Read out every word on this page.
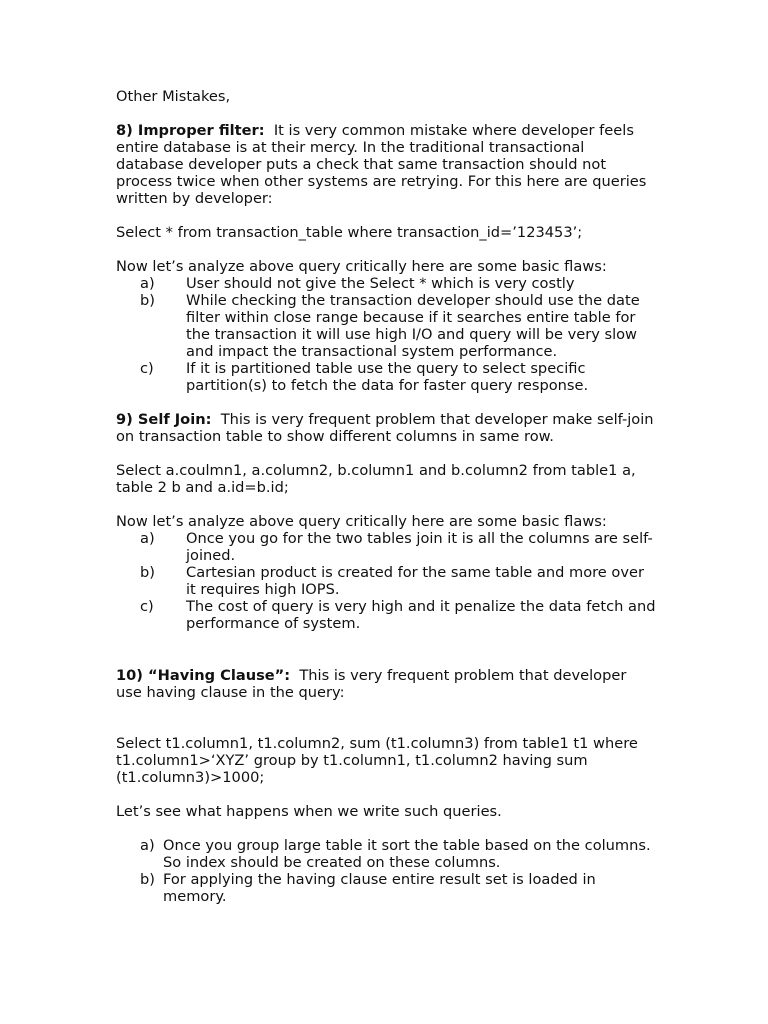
Other Mistakes,

8) Improper filter: It is very common mistake where developer feels entire database is at their mercy. In the traditional transactional database developer puts a check that same transaction should not process twice when other systems are retrying. For this here are queries written by developer:

Select * from transaction_table where transaction_id=’123453’;

Now let’s analyze above query critically here are some basic flaws:

a)	User should not give the Select * which is very costly
b)	While checking the transaction developer should use the date filter within close range because if it searches entire table for the transaction it will use high I/O and query will be very slow and impact the transactional system performance.
c)	If it is partitioned table use the query to select specific partition(s) to fetch the data for faster query response.

9) Self Join: This is very frequent problem that developer make self-join on transaction table to show different columns in same row.

Select a.coulmn1, a.column2, b.column1 and b.column2 from table1 a, table 2 b and a.id=b.id;

Now let’s analyze above query critically here are some basic flaws:

a)	Once you go for the two tables join it is all the columns are self-joined.
b)	Cartesian product is created for the same table and more over it requires high IOPS.
c)	The cost of query is very high and it penalize the data fetch and performance of system.

10) “Having Clause”: This is very frequent problem that developer use having clause in the query:

Select t1.column1, t1.column2, sum (t1.column3) from table1 t1 where t1.column1>‘XYZ’ group by t1.column1, t1.column2 having sum (t1.column3)>1000;

Let’s see what happens when we write such queries.

a) Once you group large table it sort the table based on the columns. So index should be created on these columns.
b) For applying the having clause entire result set is loaded in memory.
